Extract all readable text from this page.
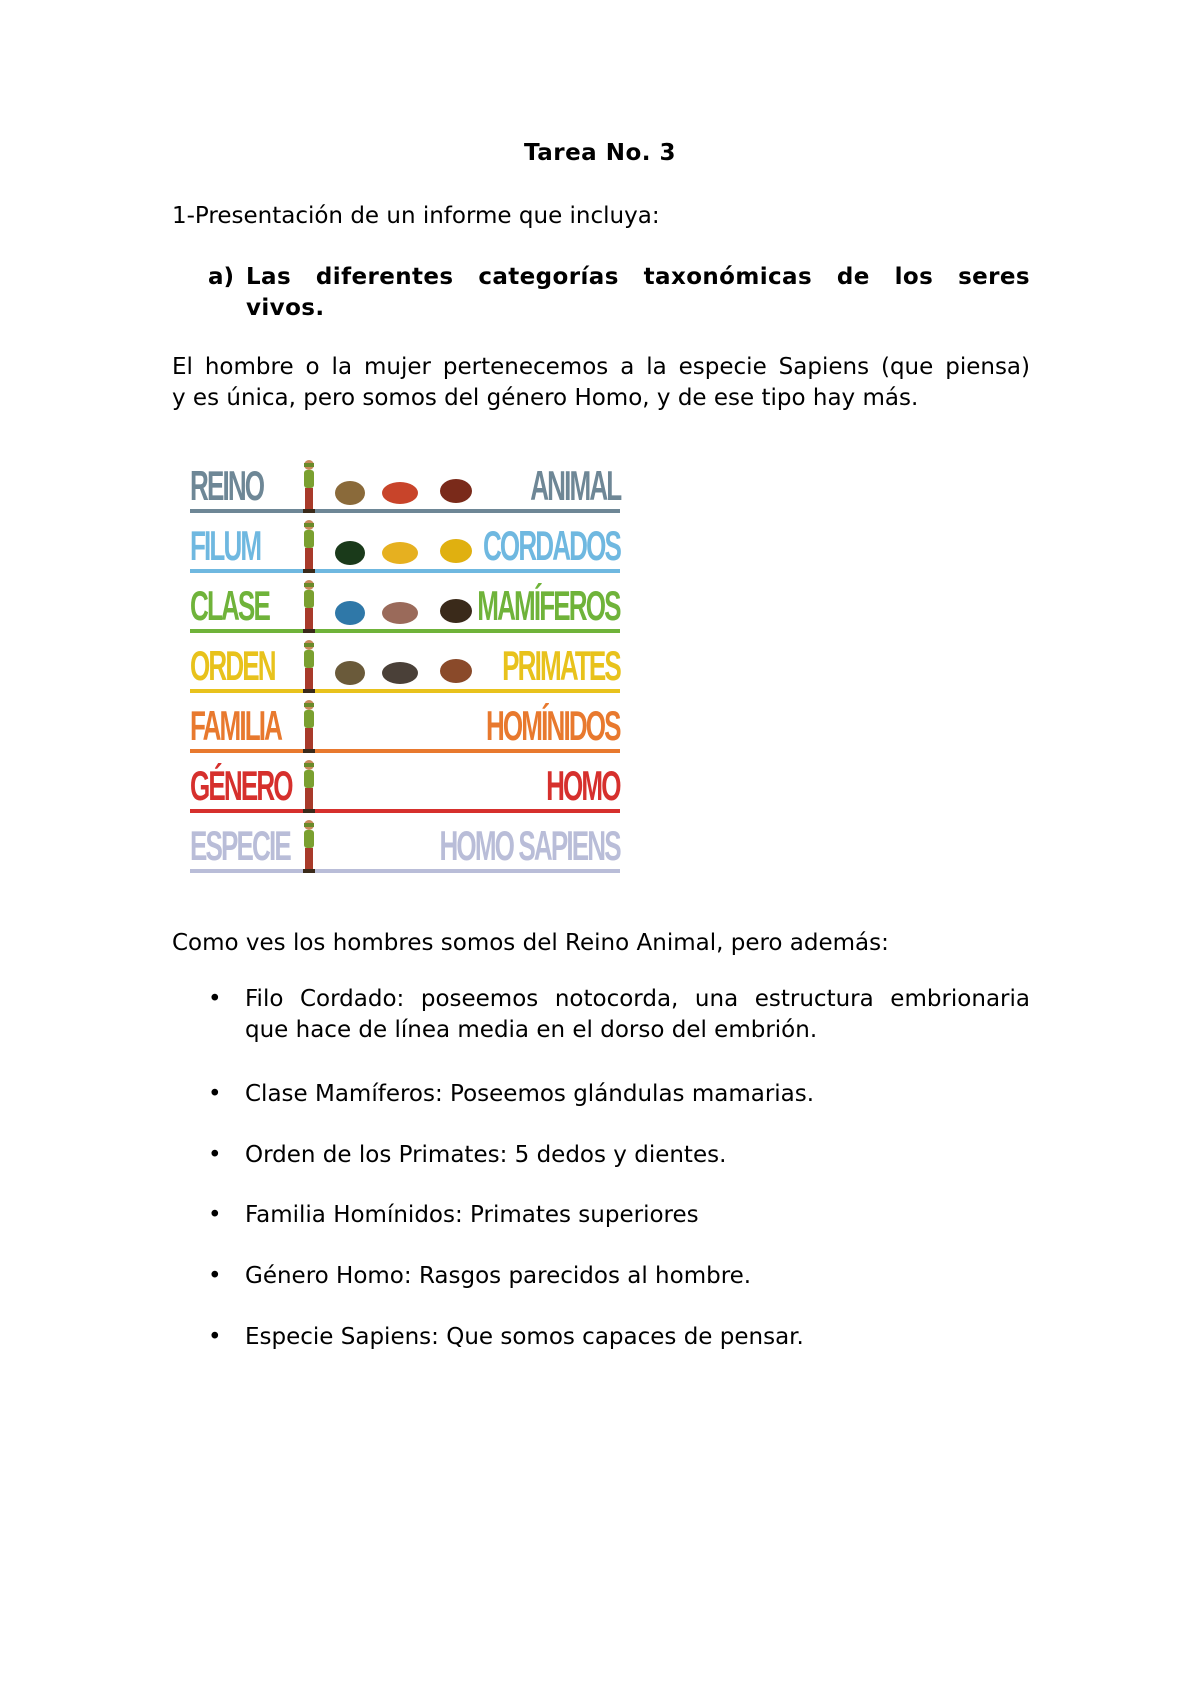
Tarea No. 3
1-Presentación de un informe que incluya:
a) Las diferentes categorías taxonómicas de los seres
vivos.
El hombre o la mujer pertenecemos a la especie Sapiens (que piensa)
y es única, pero somos del género Homo, y de ese tipo hay más.
REINO	ANIMAL
FILUM	CORDADOS
CLASE	MAMÍFEROS
ORDEN	PRIMATES
FAMILIA	HOMÍNIDOS
GÉNERO	HOMO
ESPECIE	HOMO SAPIENS
Como ves los hombres somos del Reino Animal, pero además:
• Filo Cordado: poseemos notocorda, una estructura embrionaria
que hace de línea media en el dorso del embrión.
• Clase Mamíferos: Poseemos glándulas mamarias.
• Orden de los Primates: 5 dedos y dientes.
• Familia Homínidos: Primates superiores
• Género Homo: Rasgos parecidos al hombre.
• Especie Sapiens: Que somos capaces de pensar.
